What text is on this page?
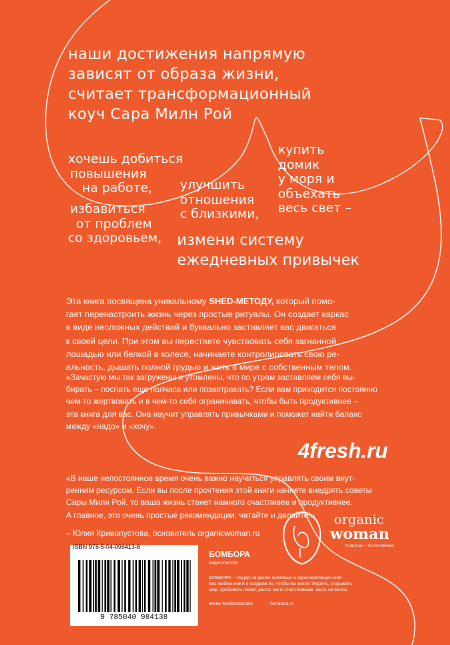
наши достижения напрямую
зависят от образа жизни,
считает трансформационный
коуч Сара Милн Рой
хочешь добиться
повышения
на работе,	улучшить
отношения
с близкими,
купить
домик
у моря и
объехать
весь свет –
избавиться
от проблем
со здоровьем, измени систему
ежедневных привычек
Эта книга посвящена уникальному SHED-МЕТОДУ, который помо-
гает перенастроить жизнь через простые ритуалы. Он создает каркас
в виде несложных действий и буквально заставляет вас двигаться
к своей цели. При этом вы перестаете чувствовать себя загнанной
лошадью или белкой в колесе, начинаете контролировать свою ре-
альность, дышать полной грудью и жить в мире с собственным телом.
«Зачастую мы так загружены и утомлены, что по утрам заставляем себя вы-
бирать – поспать еще полчаса или позавтракать? Если вам приходится постоянно
чем-то жертвовать и в чем-то себя ограничивать, чтобы быть продуктивнее –
эта книга для вас. Она научит управлять привычками и поможет найти баланс
между «надо» и «хочу».
4fresh.ru
«В наше непостоянное время очень важно научиться управлять своим внут-
ренним ресурсом. Если вы после прочтения этой книги начнете внедрять советы
Сары Милн Рой, то ваша жизнь станет намного счастливее и продуктивнее.
А главное, это очень простые рекомендации: читайте и делайте!»
– Юлия Кривопустова, основатель organicwoman.ru
ISBN 978-5-04-098413-8
9 785040 984138
БОМБОРА
издательство
БОМБОРА – лидер на рынке полезных и вдохновляющих книг.
Мы любим книги и создаем их, чтобы вы могли творить, открывать
мир, пробовать новое, расти. Быть счастливыми. Быть на волне.
●●●● bomborabooks	bombora.ru
organic
woman
Счастье – естественно
